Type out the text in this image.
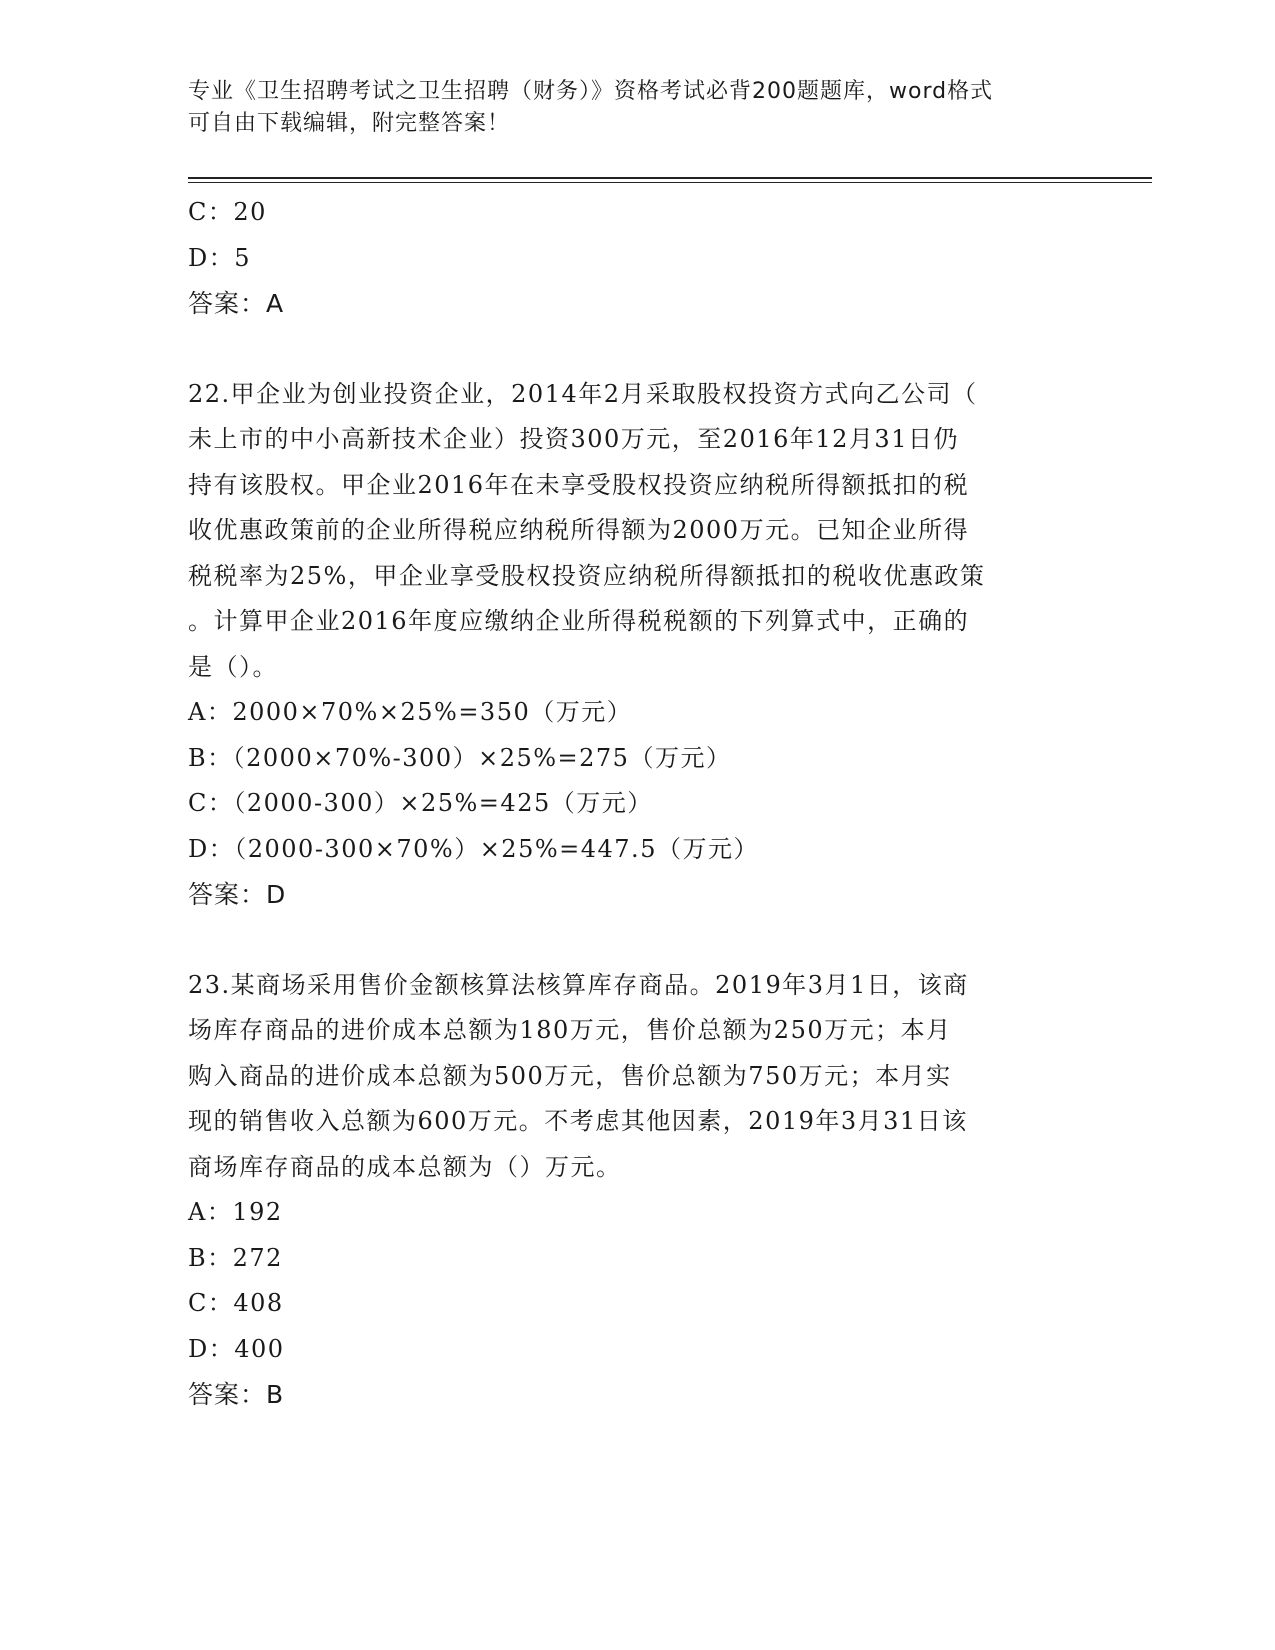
专业《卫生招聘考试之卫生招聘（财务）》资格考试必背200题题库，word格式
可自由下载编辑，附完整答案！
C：20
D：5
答案：A
22.甲企业为创业投资企业，2014年2月采取股权投资方式向乙公司（
未上市的中小高新技术企业）投资300万元，至2016年12月31日仍
持有该股权。甲企业2016年在未享受股权投资应纳税所得额抵扣的税
收优惠政策前的企业所得税应纳税所得额为2000万元。已知企业所得
税税率为25%，甲企业享受股权投资应纳税所得额抵扣的税收优惠政策
。计算甲企业2016年度应缴纳企业所得税税额的下列算式中，正确的
是（）。
A：2000×70%×25%=350（万元）
B：（2000×70%-300）×25%=275（万元）
C：（2000-300）×25%=425（万元）
D：（2000-300×70%）×25%=447.5（万元）
答案：D
23.某商场采用售价金额核算法核算库存商品。2019年3月1日，该商
场库存商品的进价成本总额为180万元，售价总额为250万元；本月
购入商品的进价成本总额为500万元，售价总额为750万元；本月实
现的销售收入总额为600万元。不考虑其他因素，2019年3月31日该
商场库存商品的成本总额为（）万元。
A：192
B：272
C：408
D：400
答案：B
